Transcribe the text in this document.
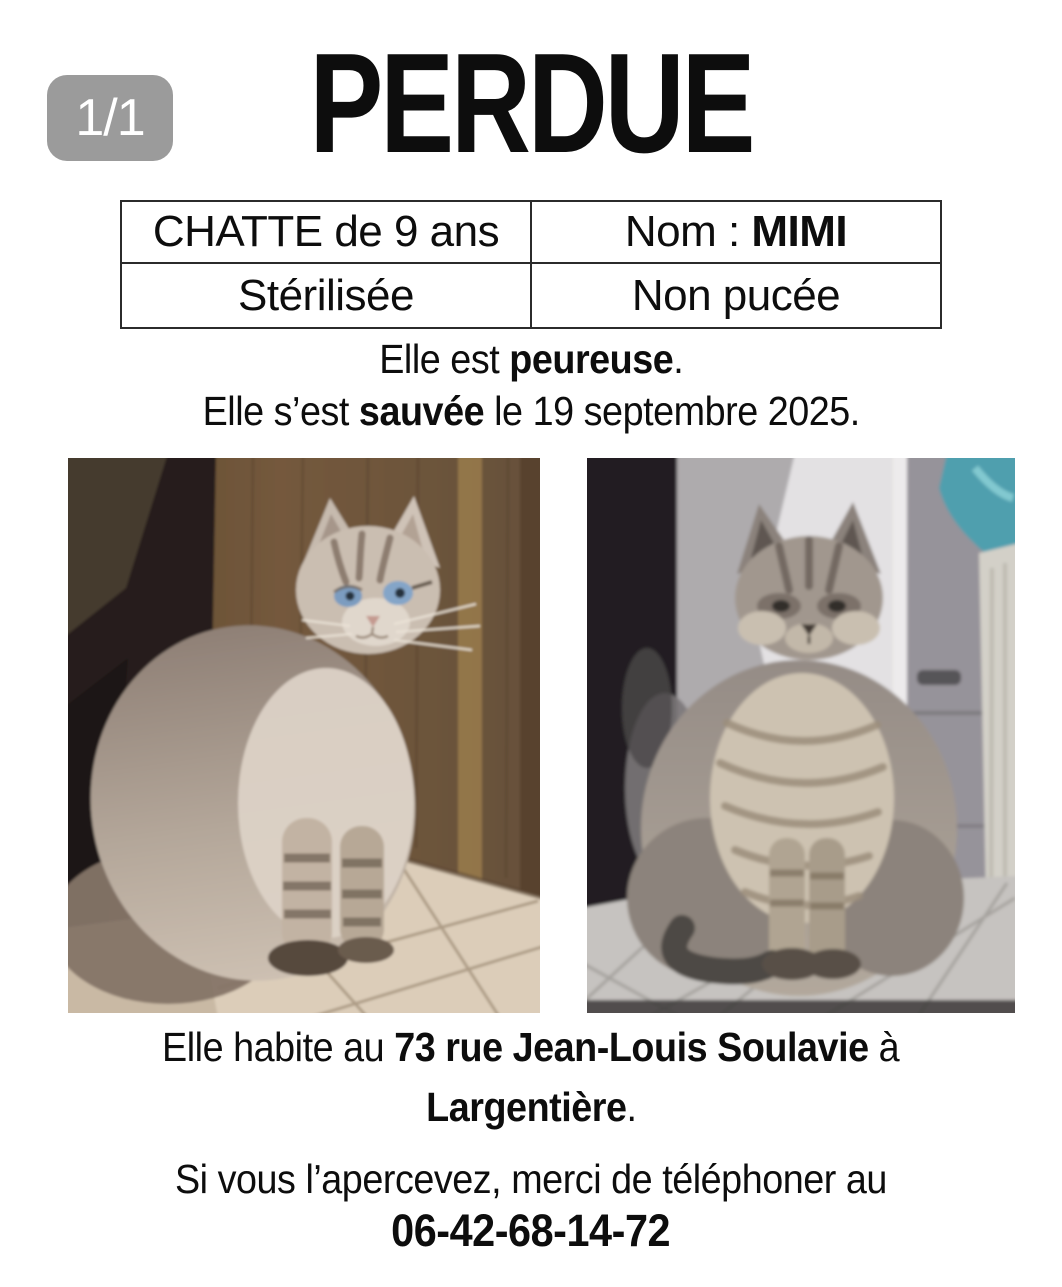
1/1	PERDUE
CHATTE de 9 ans	Nom : MIMI
Stérilisée	Non pucée
Elle est peureuse.
Elle s’est sauvée le 19 septembre 2025.
Elle habite au 73 rue Jean-Louis Soulavie à
Largentière.
Si vous l’apercevez, merci de téléphoner au
06-42-68-14-72
